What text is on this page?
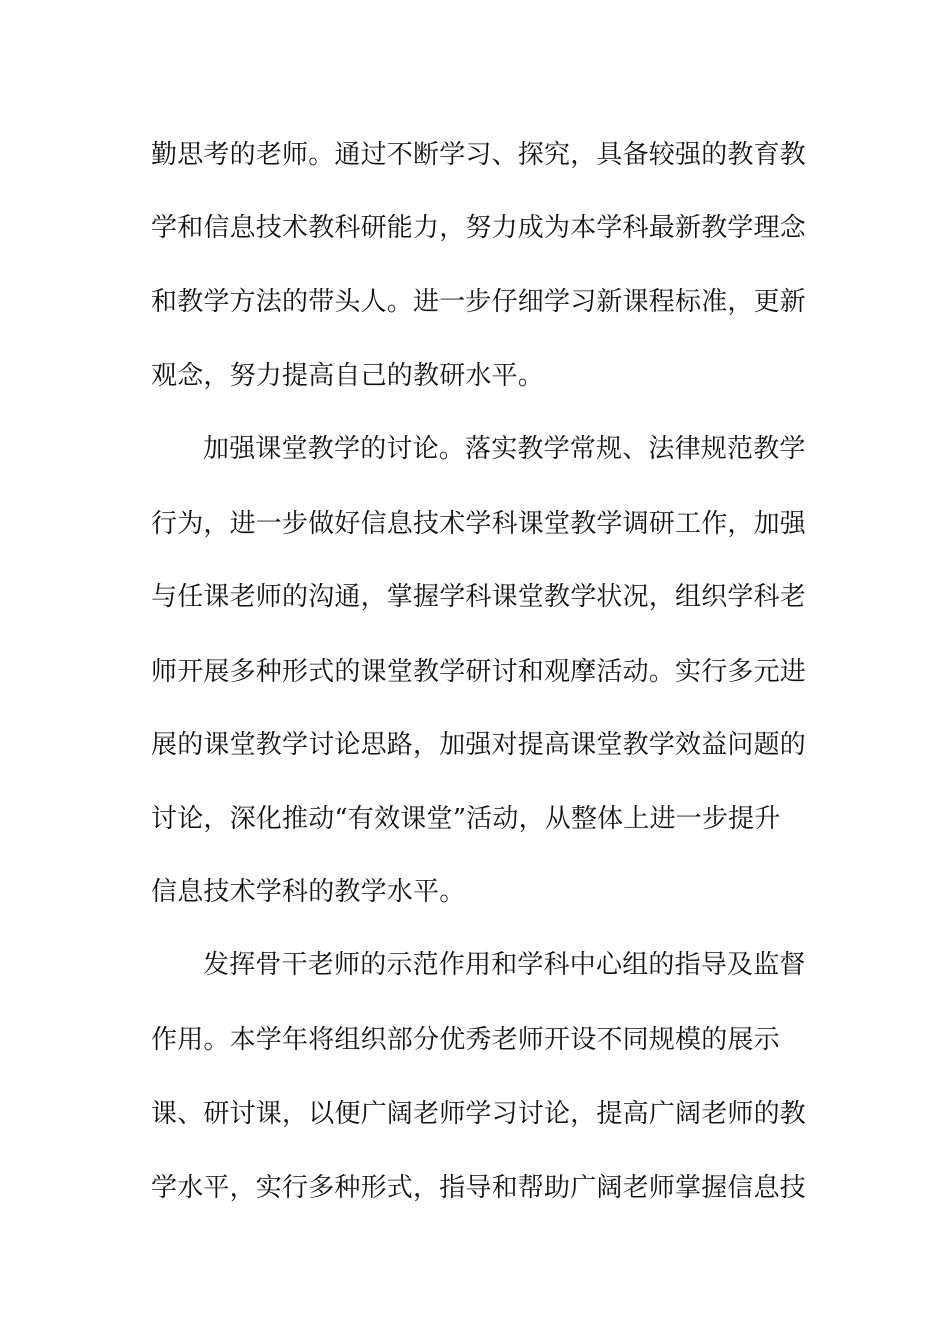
勤思考的老师。通过不断学习、探究，具备较强的教育教
学和信息技术教科研能力，努力成为本学科最新教学理念
和教学方法的带头人。进一步仔细学习新课程标准，更新
观念，努力提高自己的教研水平。
加强课堂教学的讨论。落实教学常规、法律规范教学
行为，进一步做好信息技术学科课堂教学调研工作，加强
与任课老师的沟通，掌握学科课堂教学状况，组织学科老
师开展多种形式的课堂教学研讨和观摩活动。实行多元进
展的课堂教学讨论思路，加强对提高课堂教学效益问题的
讨论，深化推动“有效课堂”活动，从整体上进一步提升
信息技术学科的教学水平。
发挥骨干老师的示范作用和学科中心组的指导及监督
作用。本学年将组织部分优秀老师开设不同规模的展示
课、研讨课，以便广阔老师学习讨论，提高广阔老师的教
学水平，实行多种形式，指导和帮助广阔老师掌握信息技
